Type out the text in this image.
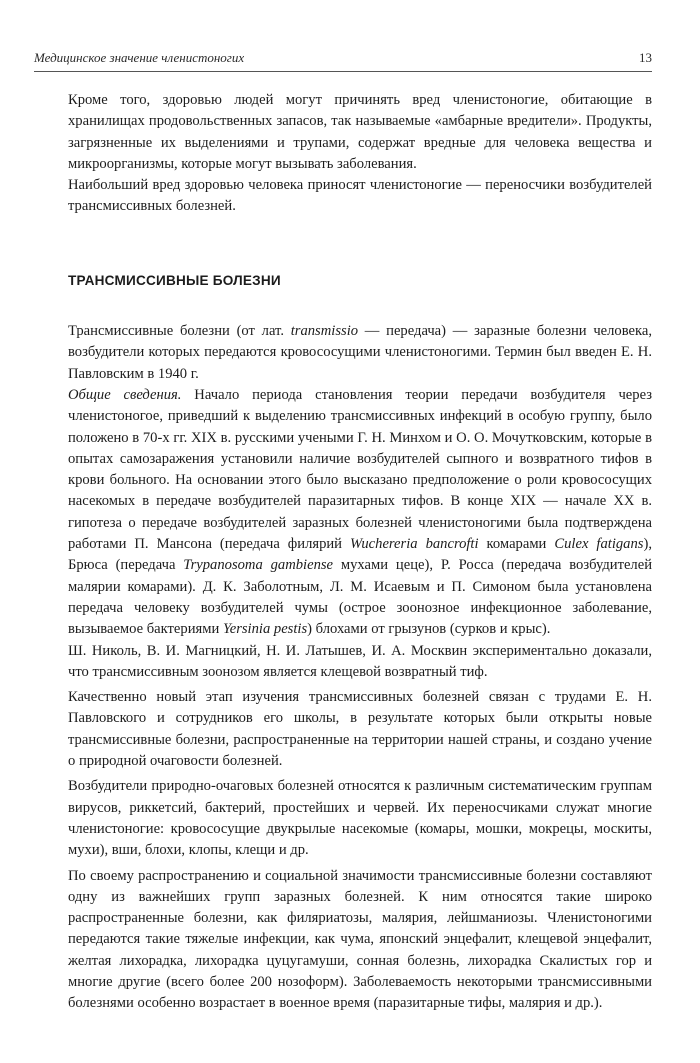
Медицинское значение членистоногих	13

Кроме того, здоровью людей могут причинять вред членистоногие, обитающие в хранилищах продовольственных запасов, так называемые «амбарные вредители». Продукты, загрязненные их выделениями и трупами, содержат вредные для человека вещества и микроорганизмы, которые могут вызывать заболевания.

Наибольший вред здоровью человека приносят членистоногие — переносчики возбудителей трансмиссивных болезней.

ТРАНСМИССИВНЫЕ БОЛЕЗНИ

Трансмиссивные болезни (от лат. transmissio — передача) — заразные болезни человека, возбудители которых передаются кровососущими членистоногими. Термин был введен Е. Н. Павловским в 1940 г.

Общие сведения. Начало периода становления теории передачи возбудителя через членистоногое, приведший к выделению трансмиссивных инфекций в особую группу, было положено в 70-х гг. XIX в. русскими учеными Г. Н. Минхом и О. О. Мочутковским, которые в опытах самозаражения установили наличие возбудителей сыпного и возвратного тифов в крови больного. На основании этого было высказано предположение о роли кровососущих насекомых в передаче возбудителей паразитарных тифов. В конце XIX — начале XX в. гипотеза о передаче возбудителей заразных болезней членистоногими была подтверждена работами П. Мансона (передача филярий Wuchereria bancrofti комарами Culex fatigans), Брюса (передача Trypanosoma gambiense мухами цеце), Р. Росса (передача возбудителей малярии комарами). Д. К. Заболотным, Л. М. Исаевым и П. Симоном была установлена передача человеку возбудителей чумы (острое зоонозное инфекционное заболевание, вызываемое бактериями Yersinia pestis) блохами от грызунов (сурков и крыс).

Ш. Николь, В. И. Магницкий, Н. И. Латышев, И. А. Москвин экспериментально доказали, что трансмиссивным зоонозом является клещевой возвратный тиф.

Качественно новый этап изучения трансмиссивных болезней связан с трудами Е. Н. Павловского и сотрудников его школы, в результате которых были открыты новые трансмиссивные болезни, распространенные на территории нашей страны, и создано учение о природной очаговости болезней.

Возбудители природно-очаговых болезней относятся к различным систематическим группам вирусов, риккетсий, бактерий, простейших и червей. Их переносчиками служат многие членистоногие: кровососущие двукрылые насекомые (комары, мошки, мокрецы, москиты, мухи), вши, блохи, клопы, клещи и др.

По своему распространению и социальной значимости трансмиссивные болезни составляют одну из важнейших групп заразных болезней. К ним относятся такие широко распространенные болезни, как филяриатозы, малярия, лейшманиозы. Членистоногими передаются такие тяжелые инфекции, как чума, японский энцефалит, клещевой энцефалит, желтая лихорадка, лихорадка цуцугамуши, сонная болезнь, лихорадка Скалистых гор и многие другие (всего более 200 нозоформ). Заболеваемость некоторыми трансмиссивными болезнями особенно возрастает в военное время (паразитарные тифы, малярия и др.).
